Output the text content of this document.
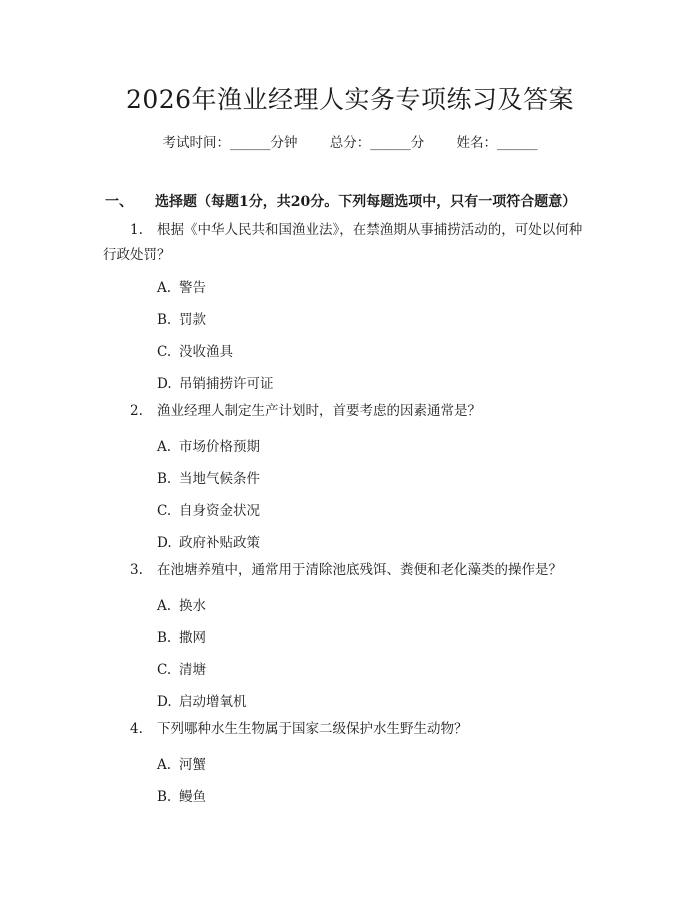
2026年渔业经理人实务专项练习及答案
考试时间：______分钟 总分：______分 姓名：______
一、 选择题（每题1分，共20分。下列每题选项中，只有一项符合题意）
1. 根据《中华人民共和国渔业法》，在禁渔期从事捕捞活动的，可处以何种
行政处罚？
A. 警告
B. 罚款
C. 没收渔具
D. 吊销捕捞许可证
2. 渔业经理人制定生产计划时，首要考虑的因素通常是？
A. 市场价格预期
B. 当地气候条件
C. 自身资金状况
D. 政府补贴政策
3. 在池塘养殖中，通常用于清除池底残饵、粪便和老化藻类的操作是？
A. 换水
B. 撒网
C. 清塘
D. 启动增氧机
4. 下列哪种水生生物属于国家二级保护水生野生动物？
A. 河蟹
B. 鳗鱼
